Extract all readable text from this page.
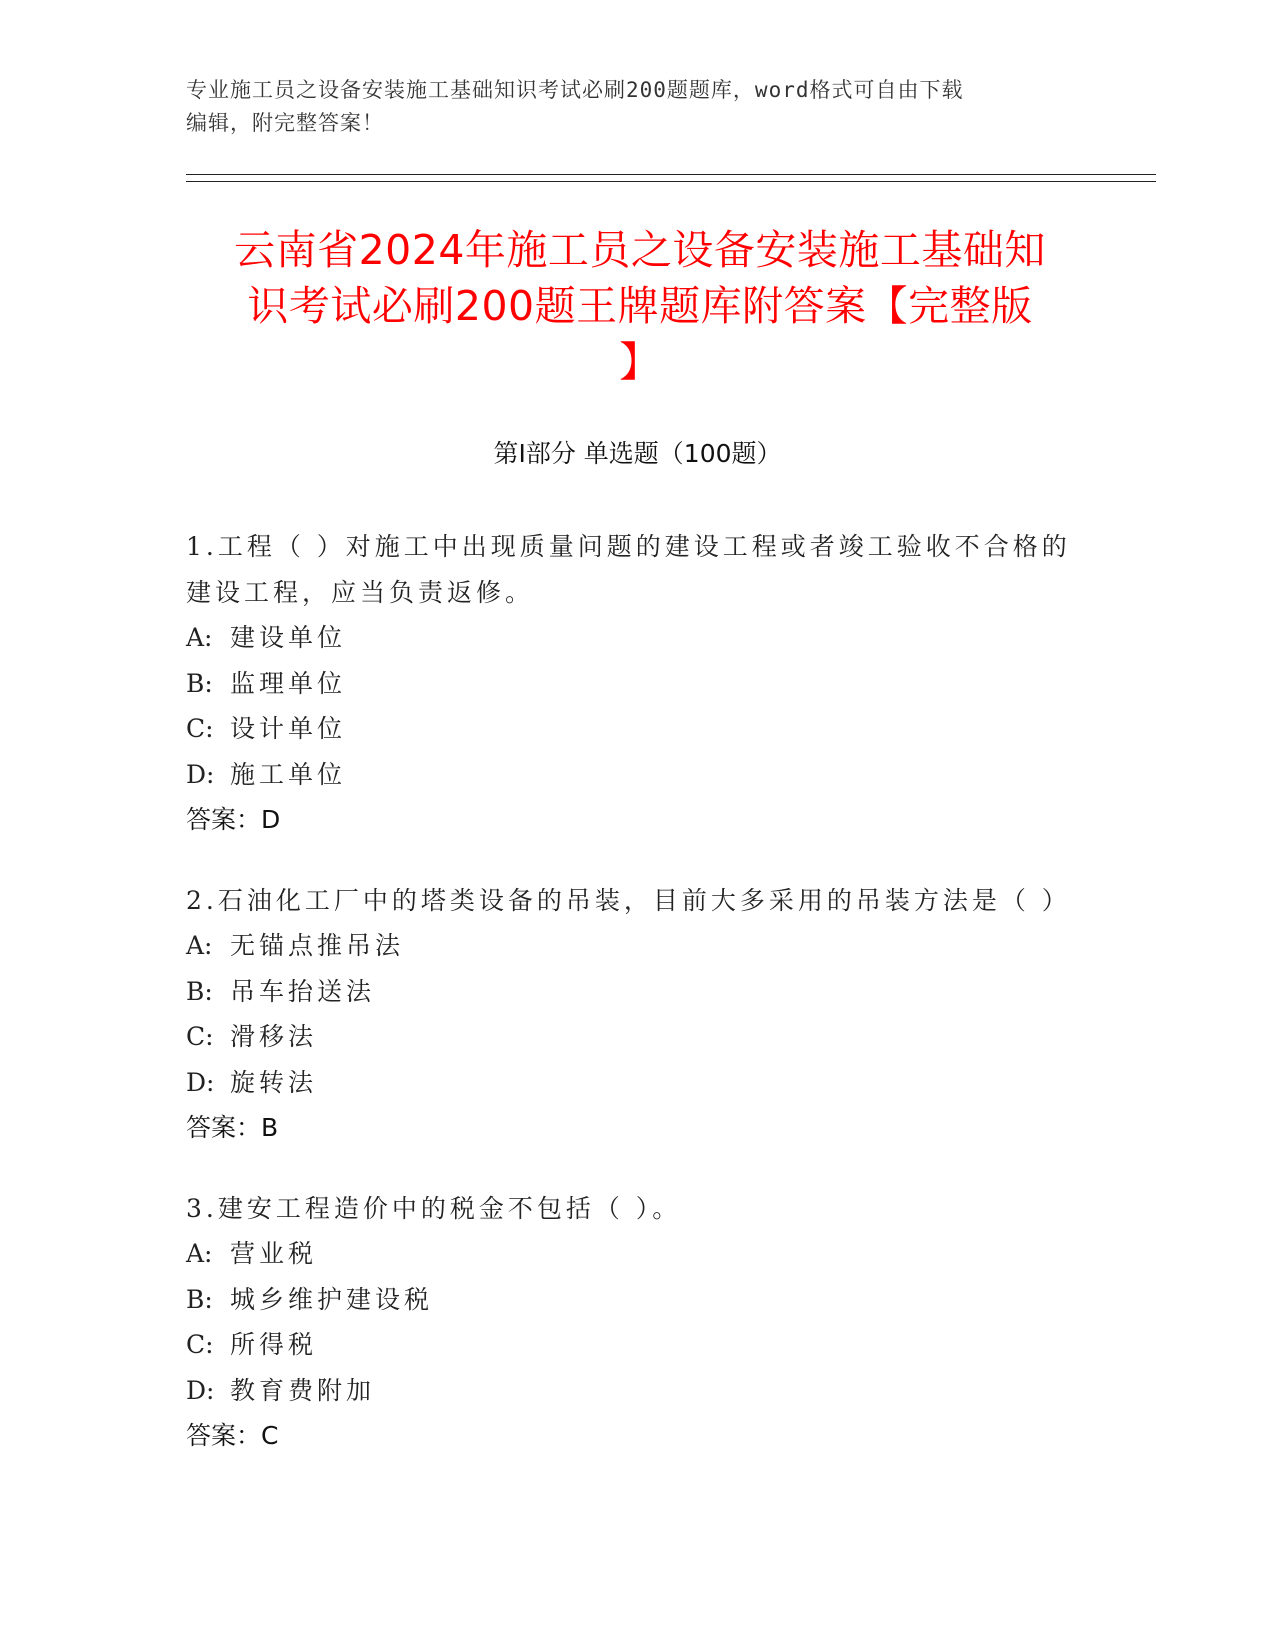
专业施工员之设备安装施工基础知识考试必刷200题题库，word格式可自由下载
编辑，附完整答案！
云南省2024年施工员之设备安装施工基础知
识考试必刷200题王牌题库附答案【完整版
】
第I部分 单选题（100题）
1.工程（ ）对施工中出现质量问题的建设工程或者竣工验收不合格的
建设工程，应当负责返修。
A: 建设单位
B: 监理单位
C: 设计单位
D: 施工单位
答案：D
2.石油化工厂中的塔类设备的吊装，目前大多采用的吊装方法是（ ）
A: 无锚点推吊法
B: 吊车抬送法
C: 滑移法
D: 旋转法
答案：B
3.建安工程造价中的税金不包括（ ）。
A: 营业税
B: 城乡维护建设税
C: 所得税
D: 教育费附加
答案：C
